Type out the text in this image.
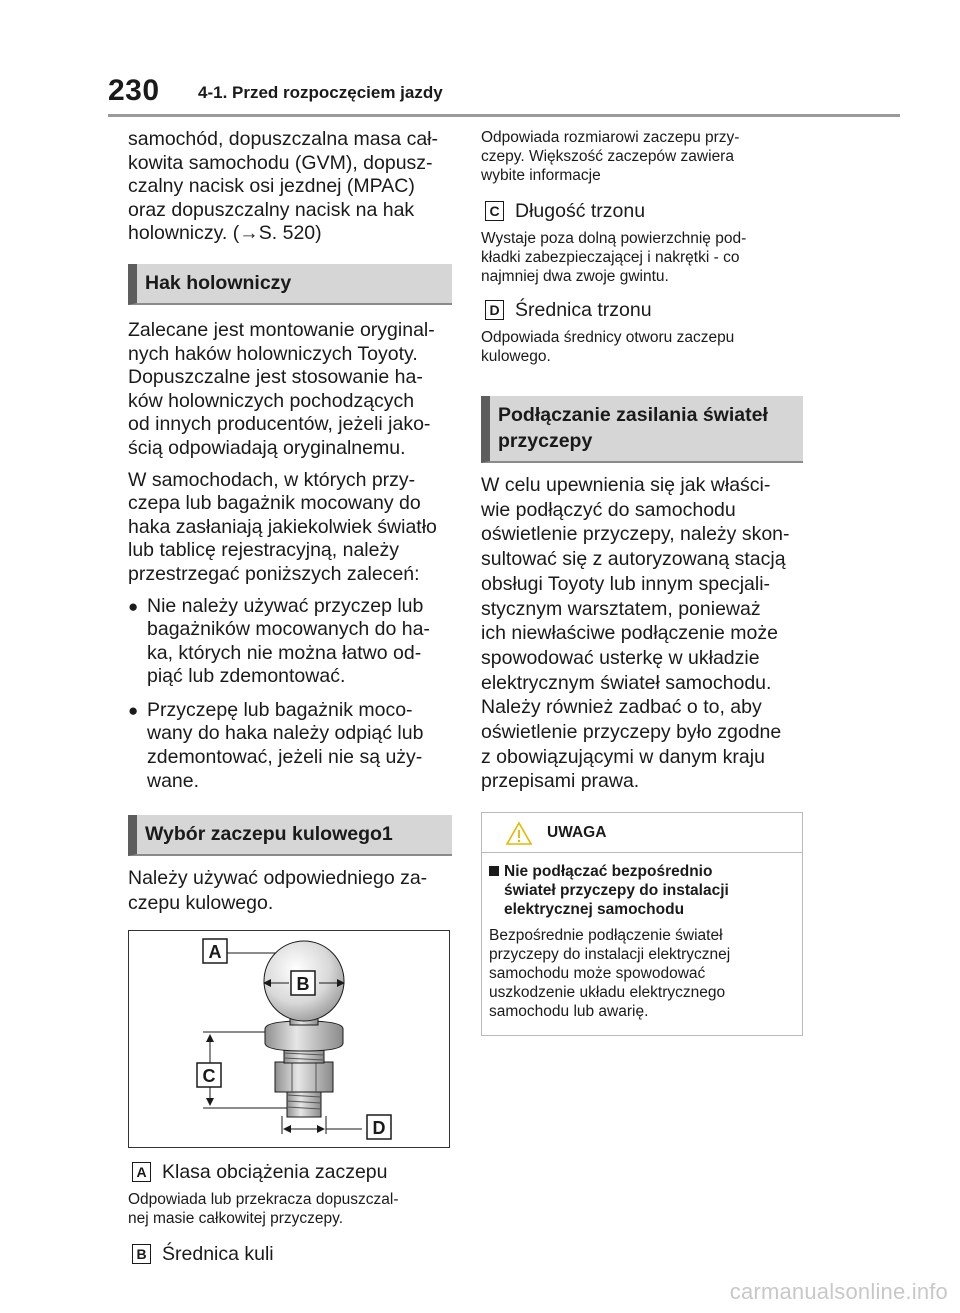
230 4-1. Przed rozpoczęciem jazdy
samochód, dopuszczalna masa cał-
kowita samochodu (GVM), dopusz-
czalny nacisk osi jezdnej (MPAC)
oraz dopuszczalny nacisk na hak
holowniczy. (→S. 520)
Hak holowniczy
Zalecane jest montowanie oryginal-
nych haków holowniczych Toyoty.
Dopuszczalne jest stosowanie ha-
ków holowniczych pochodzących
od innych producentów, jeżeli jako-
ścią odpowiadają oryginalnemu.
W samochodach, w których przy-
czepa lub bagażnik mocowany do
haka zasłaniają jakiekolwiek światło
lub tablicę rejestracyjną, należy
przestrzegać poniższych zaleceń:
● Nie należy używać przyczep lub
bagażników mocowanych do ha-
ka, których nie można łatwo od-
piąć lub zdemontować.
● Przyczepę lub bagażnik moco-
wany do haka należy odpiąć lub
zdemontować, jeżeli nie są uży-
wane.
Wybór zaczepu kulowego1
Należy używać odpowiedniego za-
czepu kulowego.
A
B
C
D
A Klasa obciążenia zaczepu
Odpowiada lub przekracza dopuszczal-
nej masie całkowitej przyczepy.
B Średnica kuli
Odpowiada rozmiarowi zaczepu przy-
czepy. Większość zaczepów zawiera
wybite informacje
C Długość trzonu
Wystaje poza dolną powierzchnię pod-
kładki zabezpieczającej i nakrętki - co
najmniej dwa zwoje gwintu.
D Średnica trzonu
Odpowiada średnicy otworu zaczepu
kulowego.
Podłączanie zasilania świateł
przyczepy
W celu upewnienia się jak właści-
wie podłączyć do samochodu
oświetlenie przyczepy, należy skon-
sultować się z autoryzowaną stacją
obsługi Toyoty lub innym specjali-
stycznym warsztatem, ponieważ
ich niewłaściwe podłączenie może
spowodować usterkę w układzie
elektrycznym świateł samochodu.
Należy również zadbać o to, aby
oświetlenie przyczepy było zgodne
z obowiązującymi w danym kraju
przepisami prawa.
UWAGA
Nie podłączać bezpośrednio
świateł przyczepy do instalacji
elektrycznej samochodu
Bezpośrednie podłączenie świateł
przyczepy do instalacji elektrycznej
samochodu może spowodować
uszkodzenie układu elektrycznego
samochodu lub awarię.
carmanualsonline.info
